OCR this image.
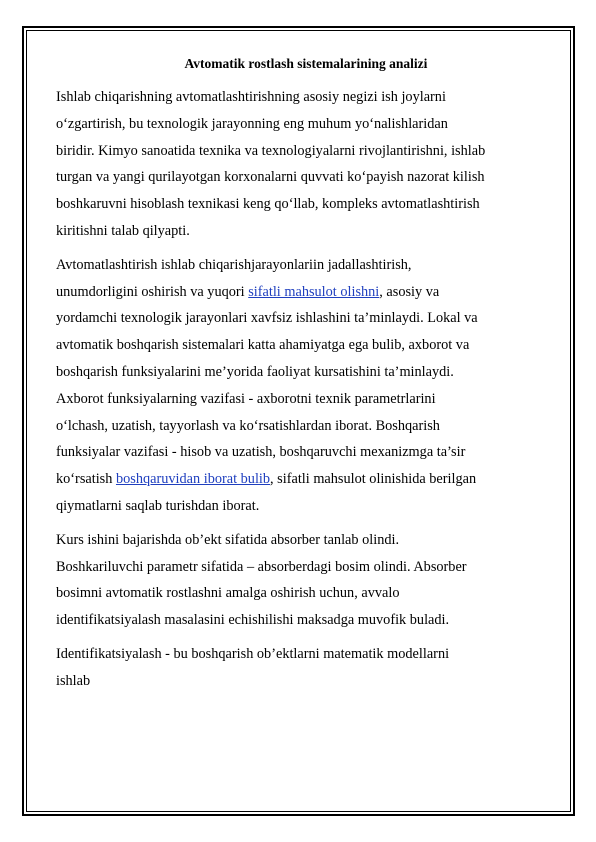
Avtomatik rostlash sistemalarining analizi
Ishlab chiqarishning avtomatlashtirishning asosiy negizi ish joylarni
o‘zgartirish, bu texnologik jarayonning eng muhum yo‘nalishlaridan
biridir. Kimyo sanoatida texnika va texnologiyalarni rivojlantirishni, ishlab
turgan va yangi qurilayotgan korxonalarni quvvati ko‘payish nazorat kilish
boshkaruvni hisoblash texnikasi keng qo‘llab, kompleks avtomatlashtirish
kiritishni talab qilyapti.
Avtomatlashtirish ishlab chiqarishjarayonlariin jadallashtirish,
unumdorligini oshirish va yuqori sifatli mahsulot olishni, asosiy va
yordamchi texnologik jarayonlari xavfsiz ishlashini ta’minlaydi. Lokal va
avtomatik boshqarish sistemalari katta ahamiyatga ega bulib, axborot va
boshqarish funksiyalarini me’yorida faoliyat kursatishini ta’minlaydi.
Axborot funksiyalarning vazifasi - axborotni texnik parametrlarini
o‘lchash, uzatish, tayyorlash va ko‘rsatishlardan iborat. Boshqarish
funksiyalar vazifasi - hisob va uzatish, boshqaruvchi mexanizmga ta’sir
ko‘rsatish boshqaruvidan iborat bulib, sifatli mahsulot olinishida berilgan
qiymatlarni saqlab turishdan iborat.
Kurs ishini bajarishda ob’ekt sifatida absorber tanlab olindi.
Boshkariluvchi parametr sifatida – absorberdagi bosim olindi. Absorber
bosimni avtomatik rostlashni amalga oshirish uchun, avvalo
identifikatsiyalash masalasini echishilishi maksadga muvofik buladi.
Identifikatsiyalash - bu boshqarish ob’ektlarni matematik modellarni
ishlab
